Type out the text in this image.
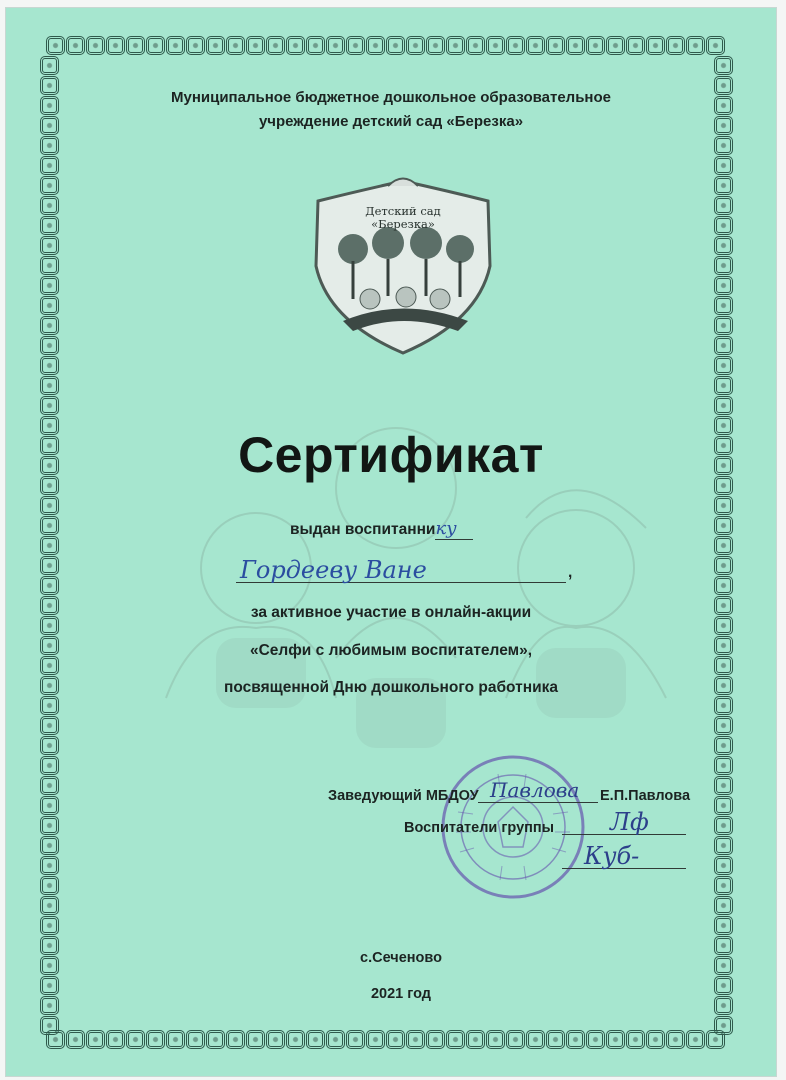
Муниципальное бюджетное дошкольное образовательное
учреждение детский сад «Березка»
Детский сад
«Березка»
Сертификат
выдан воспитаннику
Гордееву Ване	,
за активное участие в онлайн-акции
«Селфи с любимым воспитателем»,
посвященной Дню дошкольного работника
Заведующий МБДОУ Павлова Е.П.Павлова
Воспитатели группы Лф
Куб-
с.Сеченово
2021 год
